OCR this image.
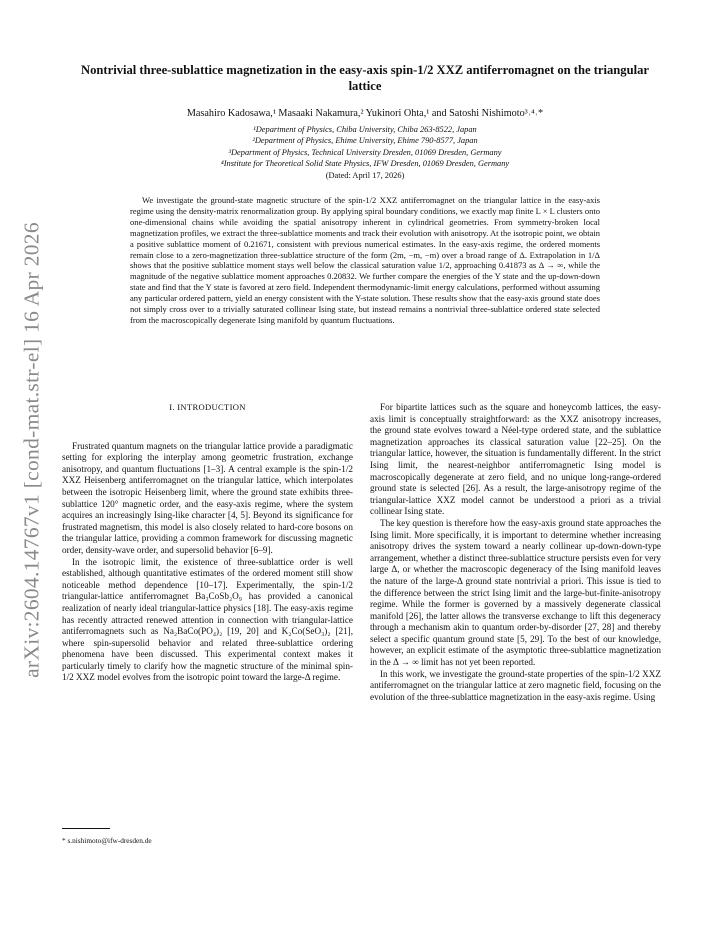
arXiv:2604.14767v1 [cond-mat.str-el] 16 Apr 2026
Nontrivial three-sublattice magnetization in the easy-axis spin-1/2 XXZ antiferromagnet on the triangular lattice
Masahiro Kadosawa,¹ Masaaki Nakamura,² Yukinori Ohta,¹ and Satoshi Nishimoto³˒⁴˒*
¹Department of Physics, Chiba University, Chiba 263-8522, Japan
²Department of Physics, Ehime University, Ehime 790-8577, Japan
³Department of Physics, Technical University Dresden, 01069 Dresden, Germany
⁴Institute for Theoretical Solid State Physics, IFW Dresden, 01069 Dresden, Germany
(Dated: April 17, 2026)

We investigate the ground-state magnetic structure of the spin-1/2 XXZ antiferromagnet on the triangular lattice in the easy-axis regime using the density-matrix renormalization group. By applying spiral boundary conditions, we exactly map finite L × L clusters onto one-dimensional chains while avoiding the spatial anisotropy inherent in cylindrical geometries. From symmetry-broken local magnetization profiles, we extract the three-sublattice moments and track their evolution with anisotropy. At the isotropic point, we obtain a positive sublattice moment of 0.21671, consistent with previous numerical estimates. In the easy-axis regime, the ordered moments remain close to a zero-magnetization three-sublattice structure of the form (2m, −m, −m) over a broad range of Δ. Extrapolation in 1/Δ shows that the positive sublattice moment stays well below the classical saturation value 1/2, approaching 0.41873 as Δ → ∞, while the magnitude of the negative sublattice moment approaches 0.20832. We further compare the energies of the Y state and the up-down-down state and find that the Y state is favored at zero field. Independent thermodynamic-limit energy calculations, performed without assuming any particular ordered pattern, yield an energy consistent with the Y-state solution. These results show that the easy-axis ground state does not simply cross over to a trivially saturated collinear Ising state, but instead remains a nontrivial three-sublattice ordered state selected from the macroscopically degenerate Ising manifold by quantum fluctuations.

I. INTRODUCTION

Frustrated quantum magnets on the triangular lattice provide a paradigmatic setting for exploring the interplay among geometric frustration, exchange anisotropy, and quantum fluctuations [1–3]. A central example is the spin-1/2 XXZ Heisenberg antiferromagnet on the triangular lattice, which interpolates between the isotropic Heisenberg limit, where the ground state exhibits three-sublattice 120° magnetic order, and the easy-axis regime, where the system acquires an increasingly Ising-like character [4, 5]. Beyond its significance for frustrated magnetism, this model is also closely related to hard-core bosons on the triangular lattice, providing a common framework for discussing magnetic order, density-wave order, and supersolid behavior [6–9].

In the isotropic limit, the existence of three-sublattice order is well established, although quantitative estimates of the ordered moment still show noticeable method dependence [10–17]. Experimentally, the spin-1/2 triangular-lattice antiferromagnet Ba₃CoSb₂O₉ has provided a canonical realization of nearly ideal triangular-lattice physics [18]. The easy-axis regime has recently attracted renewed attention in connection with triangular-lattice antiferromagnets such as Na₂BaCo(PO₄)₂ [19, 20] and K₂Co(SeO₃)₂ [21], where spin-supersolid behavior and related three-sublattice ordering phenomena have been discussed. This experimental context makes it particularly timely to clarify how the magnetic structure of the minimal spin-1/2 XXZ model evolves from the isotropic point toward the large-Δ regime.

For bipartite lattices such as the square and honeycomb lattices, the easy-axis limit is conceptually straightforward: as the XXZ anisotropy increases, the ground state evolves toward a Néel-type ordered state, and the sublattice magnetization approaches its classical saturation value [22–25]. On the triangular lattice, however, the situation is fundamentally different. In the strict Ising limit, the nearest-neighbor antiferromagnetic Ising model is macroscopically degenerate at zero field, and no unique long-range-ordered ground state is selected [26]. As a result, the large-anisotropy regime of the triangular-lattice XXZ model cannot be understood a priori as a trivial collinear Ising state.

The key question is therefore how the easy-axis ground state approaches the Ising limit. More specifically, it is important to determine whether increasing anisotropy drives the system toward a nearly collinear up-down-down-type arrangement, whether a distinct three-sublattice structure persists even for very large Δ, or whether the macroscopic degeneracy of the Ising manifold leaves the nature of the large-Δ ground state nontrivial a priori. This issue is tied to the difference between the strict Ising limit and the large-but-finite-anisotropy regime. While the former is governed by a massively degenerate classical manifold [26], the latter allows the transverse exchange to lift this degeneracy through a mechanism akin to quantum order-by-disorder [27, 28] and thereby select a specific quantum ground state [5, 29]. To the best of our knowledge, however, an explicit estimate of the asymptotic three-sublattice magnetization in the Δ → ∞ limit has not yet been reported.

In this work, we investigate the ground-state properties of the spin-1/2 XXZ antiferromagnet on the triangular lattice at zero magnetic field, focusing on the evolution of the three-sublattice magnetization in the easy-axis regime. Using

* s.nishimoto@ifw-dresden.de
